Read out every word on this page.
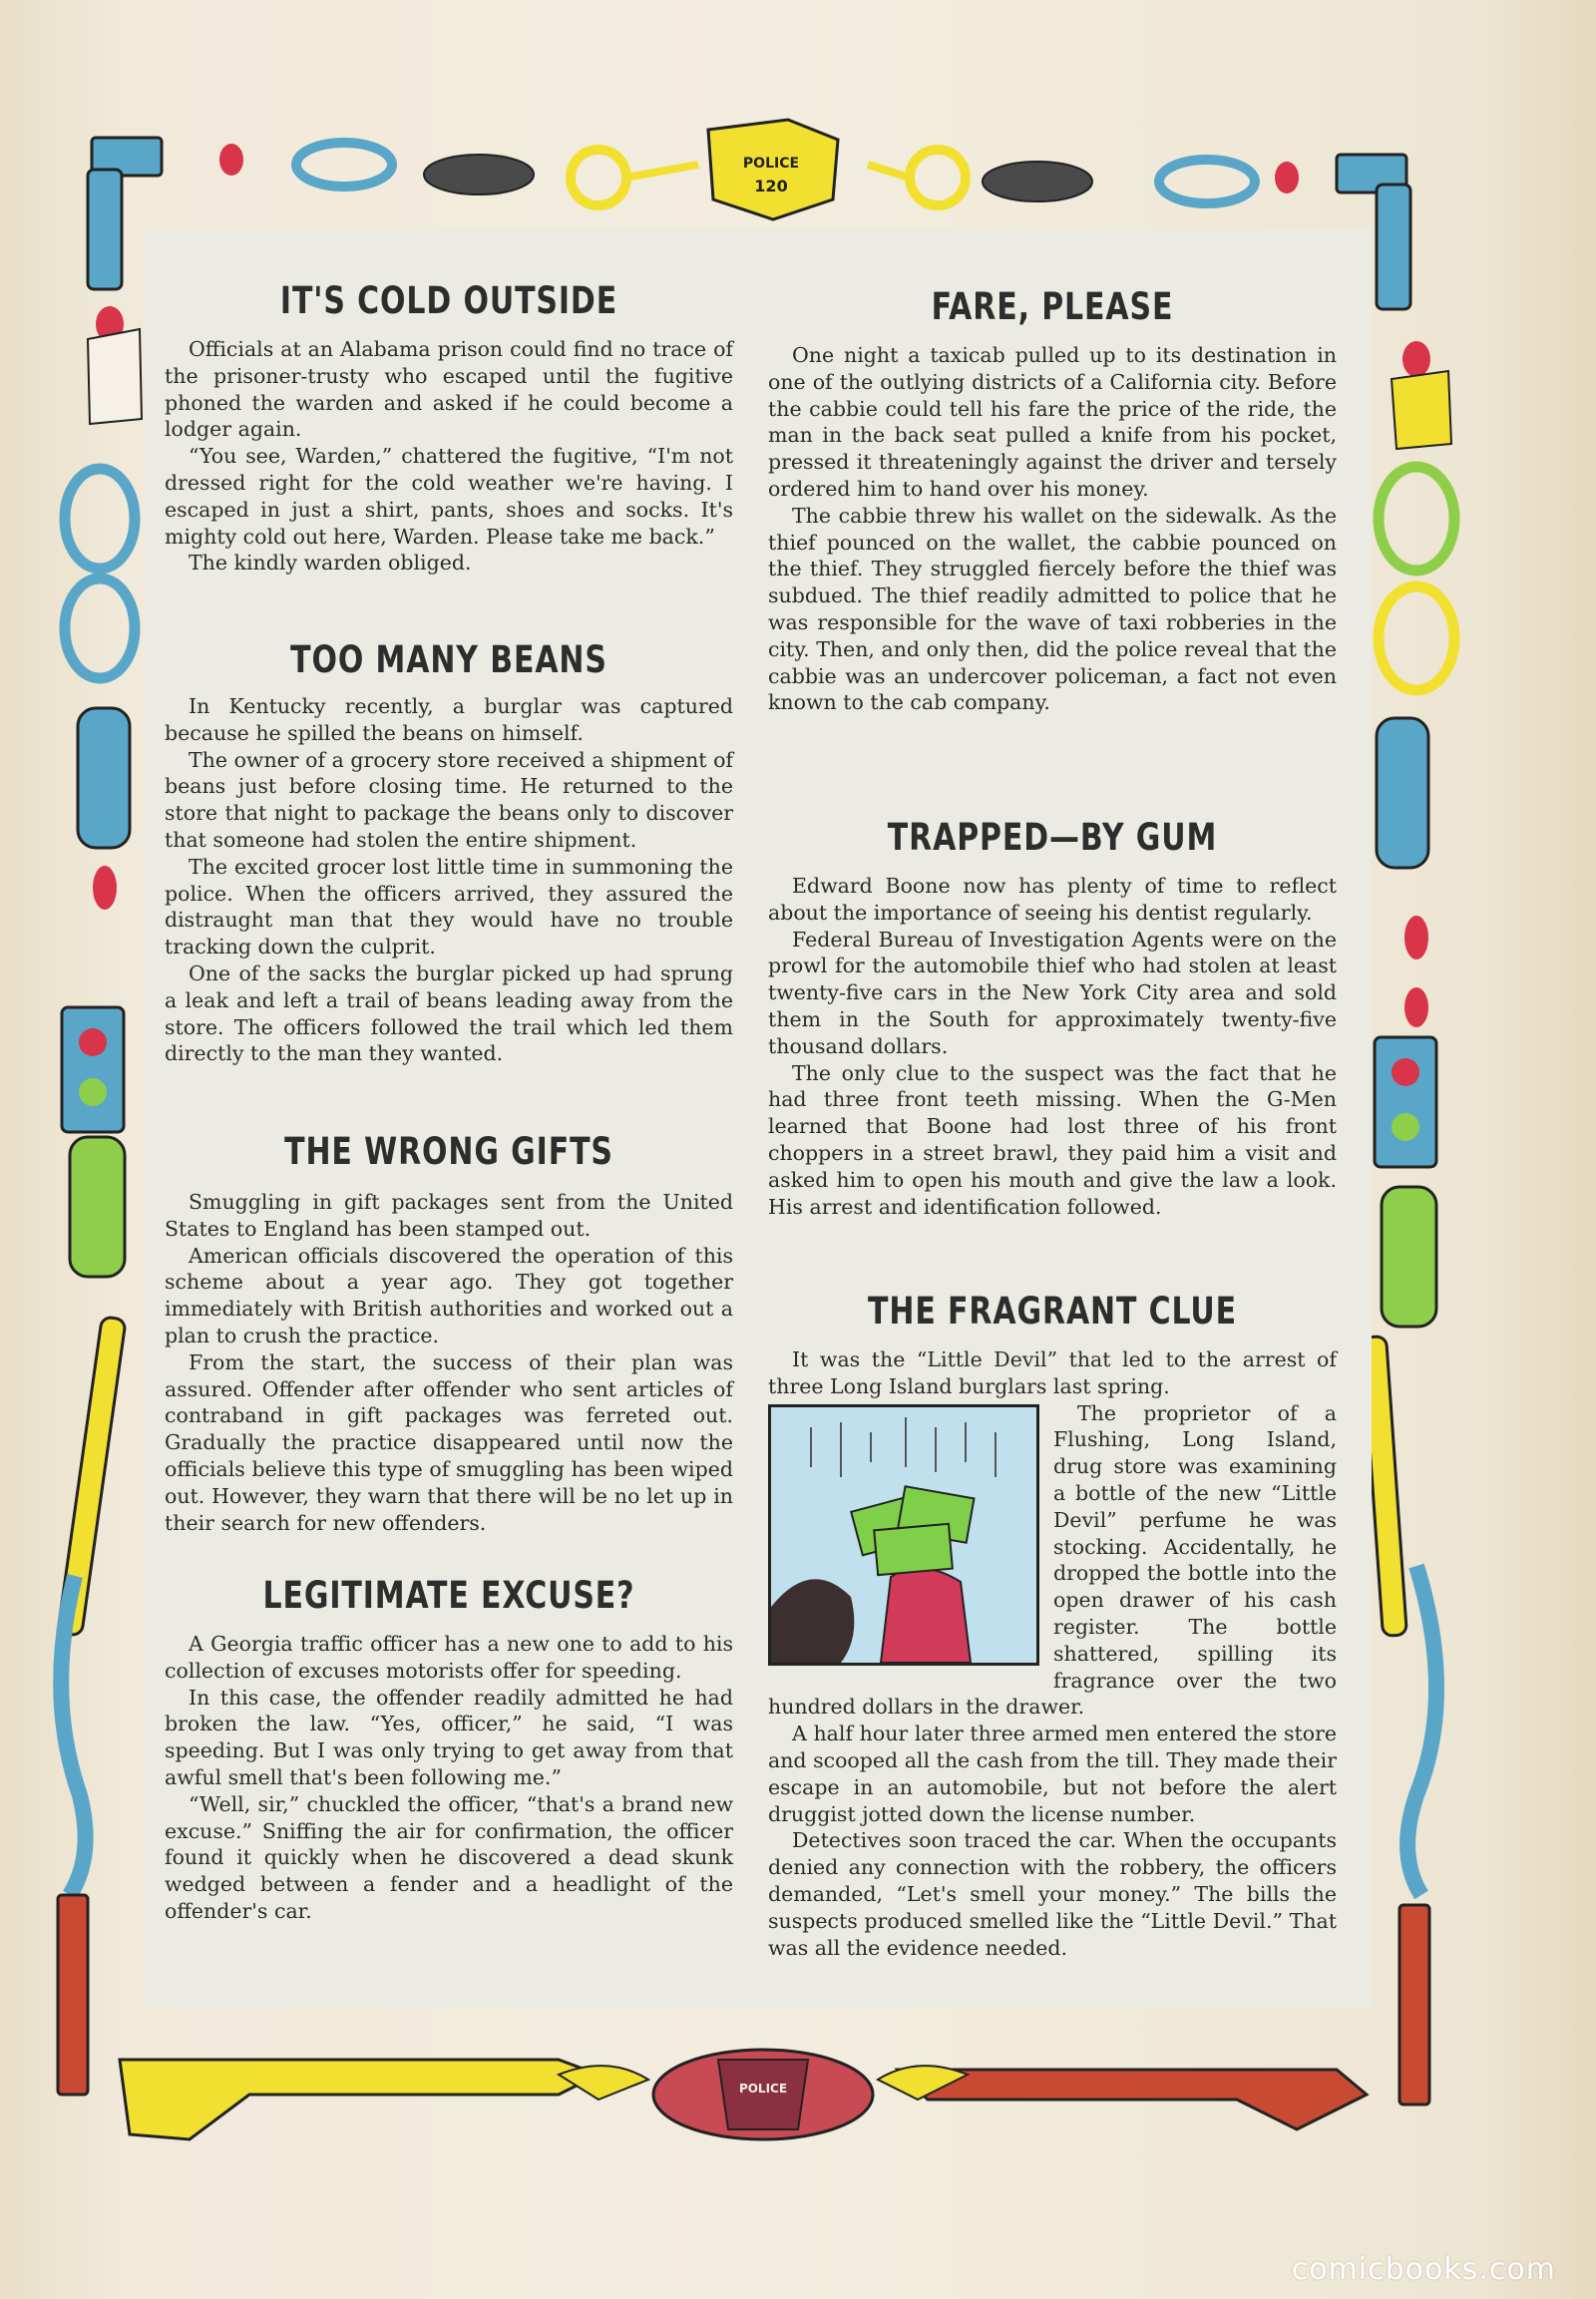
POLICE
120
POLICE
IT'S COLD OUTSIDE

Officials at an Alabama prison could find no trace of the prisoner-trusty who escaped until the fugitive phoned the warden and asked if he could become a lodger again.

“You see, Warden,” chattered the fugitive, “I'm not dressed right for the cold weather we're having. I escaped in just a shirt, pants, shoes and socks. It's mighty cold out here, Warden. Please take me back.”

The kindly warden obliged.

TOO MANY BEANS

In Kentucky recently, a burglar was captured because he spilled the beans on himself.

The owner of a grocery store received a shipment of beans just before closing time. He returned to the store that night to package the beans only to discover that someone had stolen the entire shipment.

The excited grocer lost little time in summoning the police. When the officers arrived, they assured the distraught man that they would have no trouble tracking down the culprit.

One of the sacks the burglar picked up had sprung a leak and left a trail of beans leading away from the store. The officers followed the trail which led them directly to the man they wanted.

THE WRONG GIFTS

Smuggling in gift packages sent from the United States to England has been stamped out.

American officials discovered the operation of this scheme about a year ago. They got together immediately with British authorities and worked out a plan to crush the practice.

From the start, the success of their plan was assured. Offender after offender who sent articles of contraband in gift packages was ferreted out. Gradually the practice disappeared until now the officials believe this type of smuggling has been wiped out. However, they warn that there will be no let up in their search for new offenders.

LEGITIMATE EXCUSE?

A Georgia traffic officer has a new one to add to his collection of excuses motorists offer for speeding.

In this case, the offender readily admitted he had broken the law. “Yes, officer,” he said, “I was speeding. But I was only trying to get away from that awful smell that's been following me.”

“Well, sir,” chuckled the officer, “that's a brand new excuse.” Sniffing the air for confirmation, the officer found it quickly when he discovered a dead skunk wedged between a fender and a headlight of the offender's car.

FARE, PLEASE

One night a taxicab pulled up to its destination in one of the outlying districts of a California city. Before the cabbie could tell his fare the price of the ride, the man in the back seat pulled a knife from his pocket, pressed it threateningly against the driver and tersely ordered him to hand over his money.

The cabbie threw his wallet on the sidewalk. As the thief pounced on the wallet, the cabbie pounced on the thief. They struggled fiercely before the thief was subdued. The thief readily admitted to police that he was responsible for the wave of taxi robberies in the city. Then, and only then, did the police reveal that the cabbie was an undercover policeman, a fact not even known to the cab company.

TRAPPED—BY GUM

Edward Boone now has plenty of time to reflect about the importance of seeing his dentist regularly.

Federal Bureau of Investigation Agents were on the prowl for the automobile thief who had stolen at least twenty-five cars in the New York City area and sold them in the South for approximately twenty-five thousand dollars.

The only clue to the suspect was the fact that he had three front teeth missing. When the G-Men learned that Boone had lost three of his front choppers in a street brawl, they paid him a visit and asked him to open his mouth and give the law a look. His arrest and identification followed.

THE FRAGRANT CLUE

It was the “Little Devil” that led to the arrest of three Long Island burglars last spring.

The proprietor of a Flushing, Long Island, drug store was examining a bottle of the new “Little Devil” perfume he was stocking. Accidentally, he dropped the bottle into the open drawer of his cash register. The bottle shattered, spilling its fragrance over the two hundred dollars in the drawer.

A half hour later three armed men entered the store and scooped all the cash from the till. They made their escape in an automobile, but not before the alert druggist jotted down the license number.

Detectives soon traced the car. When the occupants denied any connection with the robbery, the officers demanded, “Let's smell your money.” The bills the suspects produced smelled like the “Little Devil.” That was all the evidence needed.

comicbooks.com
